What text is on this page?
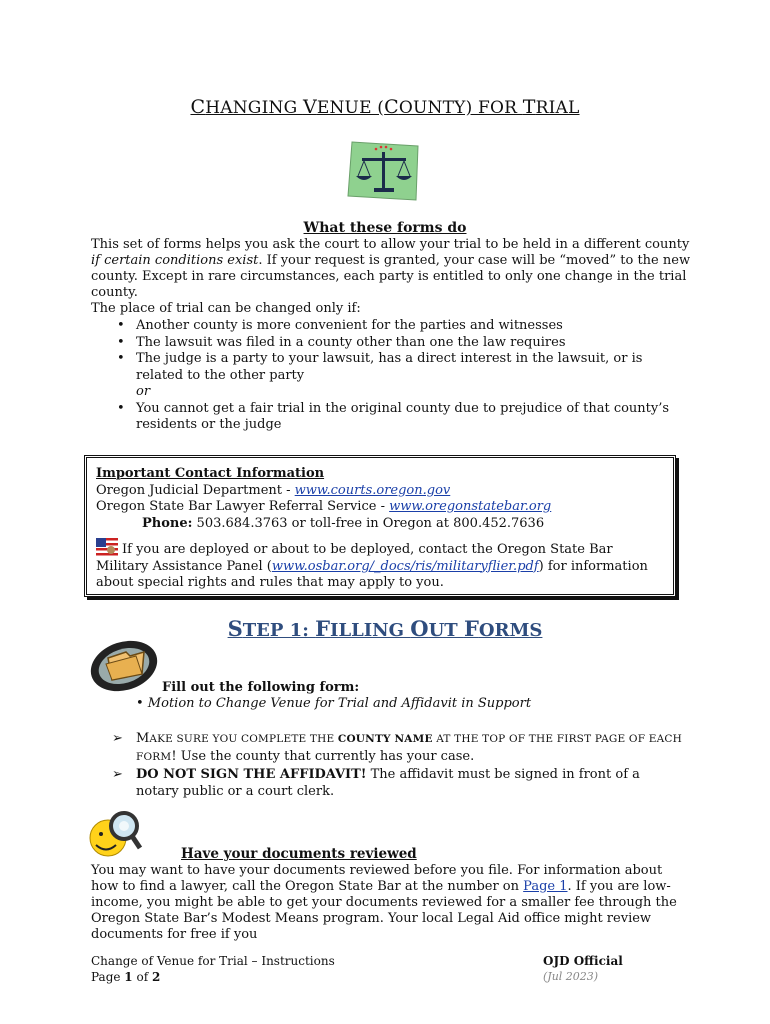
CHANGING VENUE (COUNTY) FOR TRIAL
What these forms do

This set of forms helps you ask the court to allow your trial to be held in a different county if certain conditions exist. If your request is granted, your case will be “moved” to the new county. Except in rare circumstances, each party is entitled to only one change in the trial county.

The place of trial can be changed only if:

• Another county is more convenient for the parties and witnesses
• The lawsuit was filed in a county other than one the law requires
• The judge is a party to your lawsuit, has a direct interest in the lawsuit, or is related to the other party
or
• You cannot get a fair trial in the original county due to prejudice of that county’s residents or the judge
Important Contact Information
Oregon Judicial Department - www.courts.oregon.gov
Oregon State Bar Lawyer Referral Service - www.oregonstatebar.org
Phone: 503.684.3763 or toll-free in Oregon at 800.452.7636
If you are deployed or about to be deployed, contact the Oregon State Bar Military Assistance Panel (www.osbar.org/_docs/ris/militaryflier.pdf) for information about special rights and rules that may apply to you.
STEP 1: FILLING OUT FORMS
Fill out the following form:
• Motion to Change Venue for Trial and Affidavit in Support
➢ MAKE SURE YOU COMPLETE THE COUNTY NAME AT THE TOP OF THE FIRST PAGE OF EACH FORM! Use the county that currently has your case.
➢ DO NOT SIGN THE AFFIDAVIT! The affidavit must be signed in front of a notary public or a court clerk.
Have your documents reviewed

You may want to have your documents reviewed before you file. For information about how to find a lawyer, call the Oregon State Bar at the number on Page 1. If you are low-income, you might be able to get your documents reviewed for a smaller fee through the Oregon State Bar’s Modest Means program. Your local Legal Aid office might review documents for free if you

Change of Venue for Trial – Instructions
Page 1 of 2
OJD Official
(Jul 2023)
